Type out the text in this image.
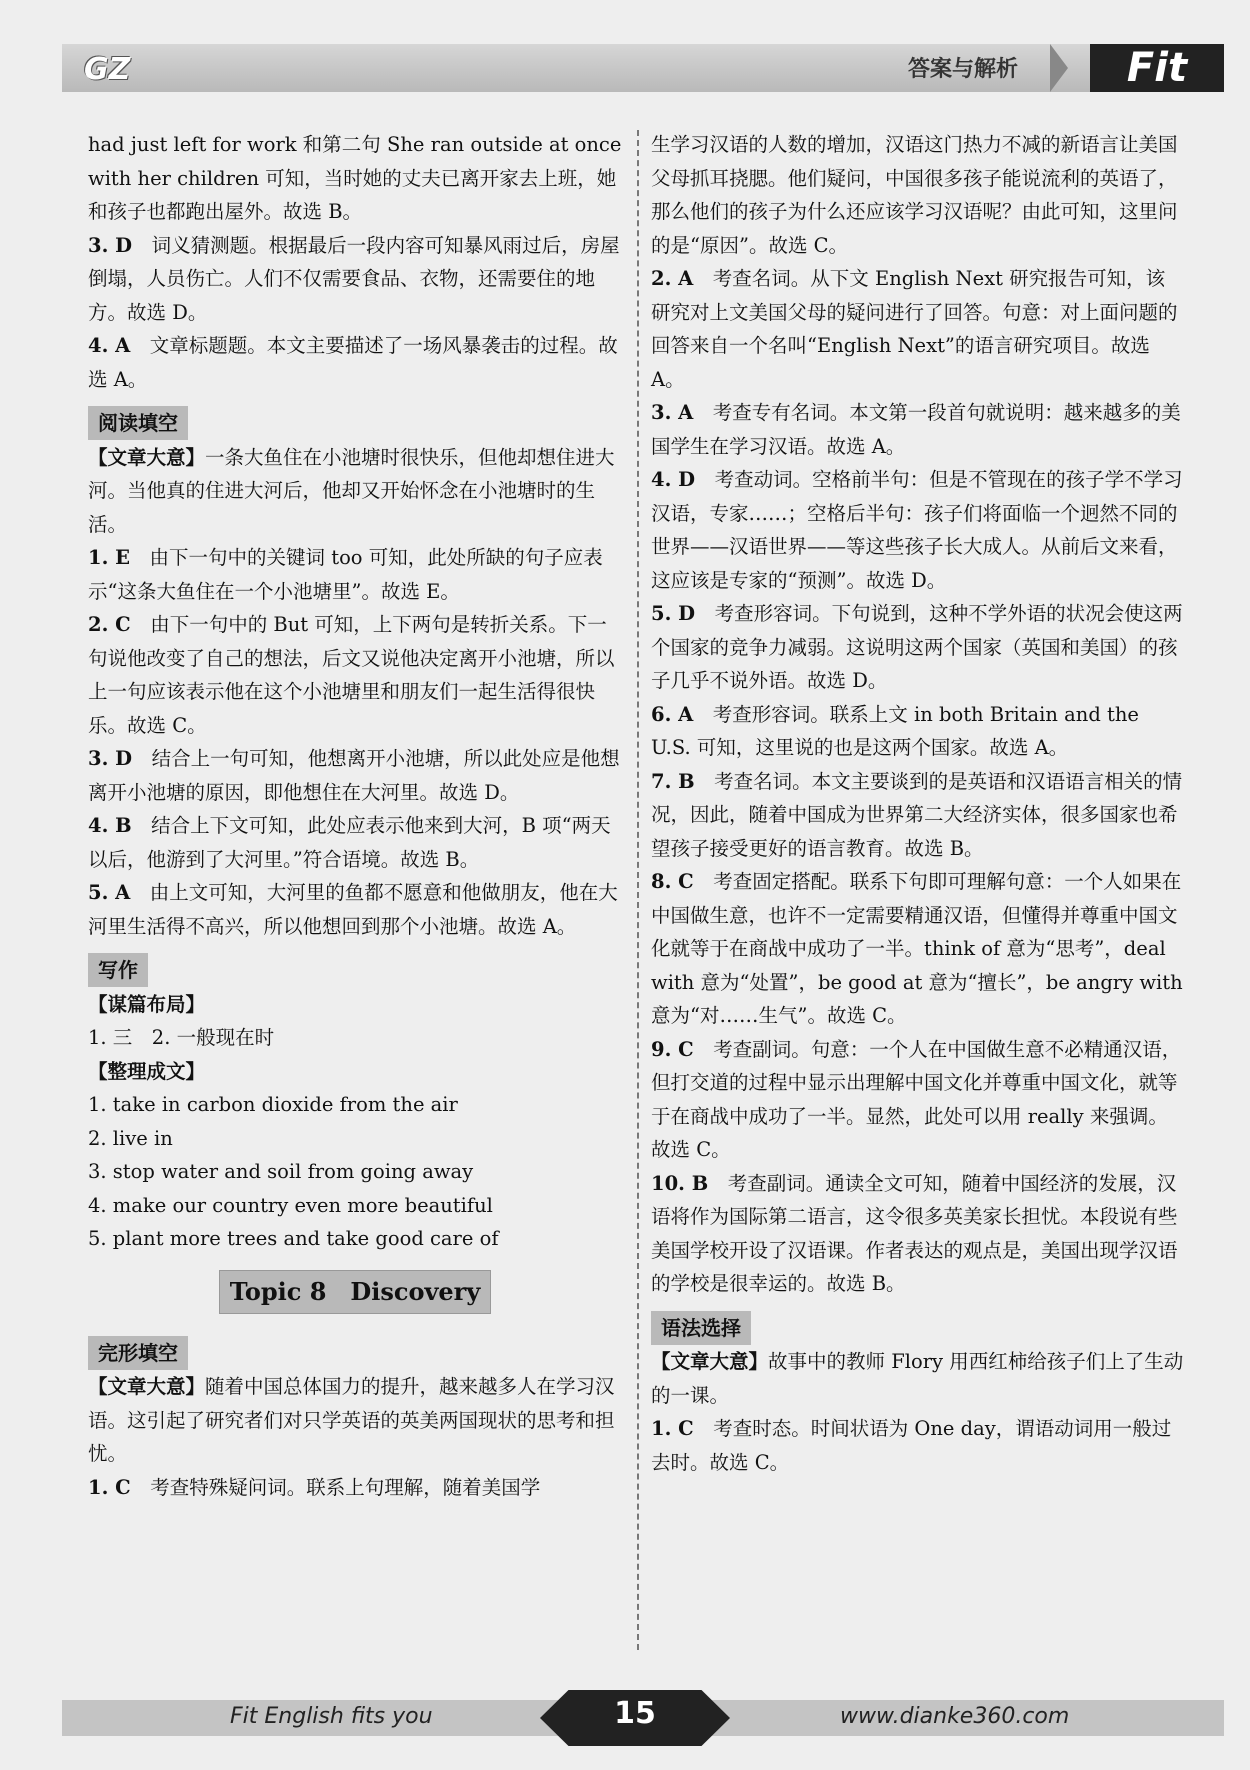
GZ	答案与解析	Fit

had just left for work 和第二句 She ran outside at once with her children 可知，当时她的丈夫已离开家去上班，她和孩子也都跑出屋外。故选 B。

3. D　 词义猜测题。根据最后一段内容可知暴风雨过后，房屋倒塌，人员伤亡。人们不仅需要食品、衣物，还需要住的地方。故选 D。

4. A　 文章标题题。本文主要描述了一场风暴袭击的过程。故选 A。

阅读填空

【文章大意】一条大鱼住在小池塘时很快乐，但他却想住进大河。当他真的住进大河后，他却又开始怀念在小池塘时的生活。

1. E　 由下一句中的关键词 too 可知，此处所缺的句子应表示“这条大鱼住在一个小池塘里”。故选 E。

2. C　 由下一句中的 But 可知，上下两句是转折关系。下一句说他改变了自己的想法，后文又说他决定离开小池塘，所以上一句应该表示他在这个小池塘里和朋友们一起生活得很快乐。故选 C。

3. D　 结合上一句可知，他想离开小池塘，所以此处应是他想离开小池塘的原因，即他想住在大河里。故选 D。

4. B　 结合上下文可知，此处应表示他来到大河，B 项“两天以后，他游到了大河里。”符合语境。故选 B。

5. A　 由上文可知，大河里的鱼都不愿意和他做朋友，他在大河里生活得不高兴，所以他想回到那个小池塘。故选 A。

写作

【谋篇布局】

1. 三　2. 一般现在时

【整理成文】

1. take in carbon dioxide from the air

2. live in

3. stop water and soil from going away

4. make our country even more beautiful

5. plant more trees and take good care of

Topic 8　Discovery
完形填空

【文章大意】随着中国总体国力的提升，越来越多人在学习汉语。这引起了研究者们对只学英语的英美两国现状的思考和担忧。

1. C　 考查特殊疑问词。联系上句理解，随着美国学

生学习汉语的人数的增加，汉语这门热力不减的新语言让美国父母抓耳挠腮。他们疑问，中国很多孩子能说流利的英语了，那么他们的孩子为什么还应该学习汉语呢？由此可知，这里问的是“原因”。故选 C。

2. A　 考查名词。从下文 English Next 研究报告可知，该研究对上文美国父母的疑问进行了回答。句意：对上面问题的回答来自一个名叫“English Next”的语言研究项目。故选 A。

3. A　 考查专有名词。本文第一段首句就说明：越来越多的美国学生在学习汉语。故选 A。

4. D　 考查动词。空格前半句：但是不管现在的孩子学不学习汉语，专家……；空格后半句：孩子们将面临一个迥然不同的世界——汉语世界——等这些孩子长大成人。从前后文来看，这应该是专家的“预测”。故选 D。

5. D　 考查形容词。下句说到，这种不学外语的状况会使这两个国家的竞争力减弱。这说明这两个国家（英国和美国）的孩子几乎不说外语。故选 D。

6. A　 考查形容词。联系上文 in both Britain and the U.S. 可知，这里说的也是这两个国家。故选 A。

7. B　 考查名词。本文主要谈到的是英语和汉语语言相关的情况，因此，随着中国成为世界第二大经济实体，很多国家也希望孩子接受更好的语言教育。故选 B。

8. C　 考查固定搭配。联系下句即可理解句意：一个人如果在中国做生意，也许不一定需要精通汉语，但懂得并尊重中国文化就等于在商战中成功了一半。think of 意为“思考”，deal with 意为“处置”，be good at 意为“擅长”，be angry with 意为“对……生气”。故选 C。

9. C　 考查副词。句意：一个人在中国做生意不必精通汉语，但打交道的过程中显示出理解中国文化并尊重中国文化，就等于在商战中成功了一半。显然，此处可以用 really 来强调。故选 C。

10. B　 考查副词。通读全文可知，随着中国经济的发展，汉语将作为国际第二语言，这令很多英美家长担忧。本段说有些美国学校开设了汉语课。作者表达的观点是，美国出现学汉语的学校是很幸运的。故选 B。

语法选择

【文章大意】故事中的教师 Flory 用西红柿给孩子们上了生动的一课。

1. C　 考查时态。时间状语为 One day，谓语动词用一般过去时。故选 C。

Fit English fits you	15	www.dianke360.com
